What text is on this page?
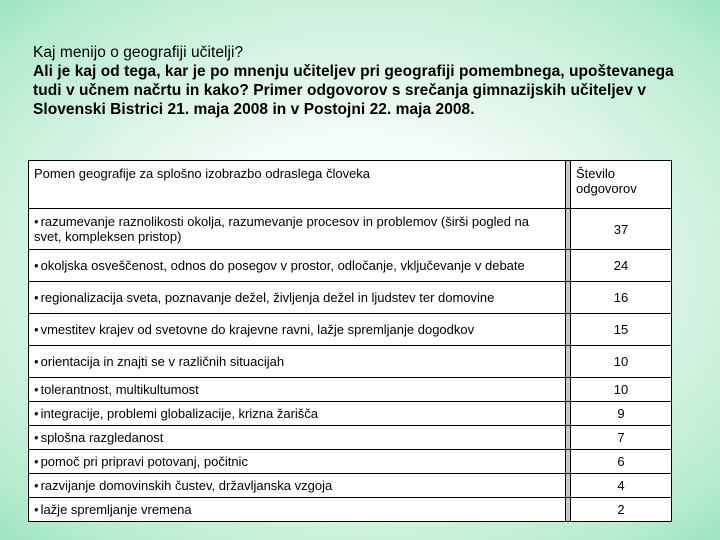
Kaj menijo o geografiji učitelji?
Ali je kaj od tega, kar je po mnenju učiteljev pri geografiji pomembnega, upoštevanega tudi v učnem načrtu in kako? Primer odgovorov s srečanja gimnazijskih učiteljev v Slovenski Bistrici 21. maja 2008 in v Postojni 22. maja 2008.
Pomen geografije za splošno izobrazbo odraslega človeka		Število odgovorov
• razumevanje raznolikosti okolja, razumevanje procesov in problemov (širši pogled na svet, kompleksen pristop)		37
• okoljska osveščenost, odnos do posegov v prostor, odločanje, vključevanje v debate		24
• regionalizacija sveta, poznavanje dežel, življenja dežel in ljudstev ter domovine		16
• vmestitev krajev od svetovne do krajevne ravni, lažje spremljanje dogodkov		15
• orientacija in znajti se v različnih situacijah		10
• tolerantnost, multikultumost		10
• integracije, problemi globalizacije, krizna žarišča		9
• splošna razgledanost		7
• pomoč pri pripravi potovanj, počitnic		6
• razvijanje domovinskih čustev, državljanska vzgoja		4
• lažje spremljanje vremena		2
